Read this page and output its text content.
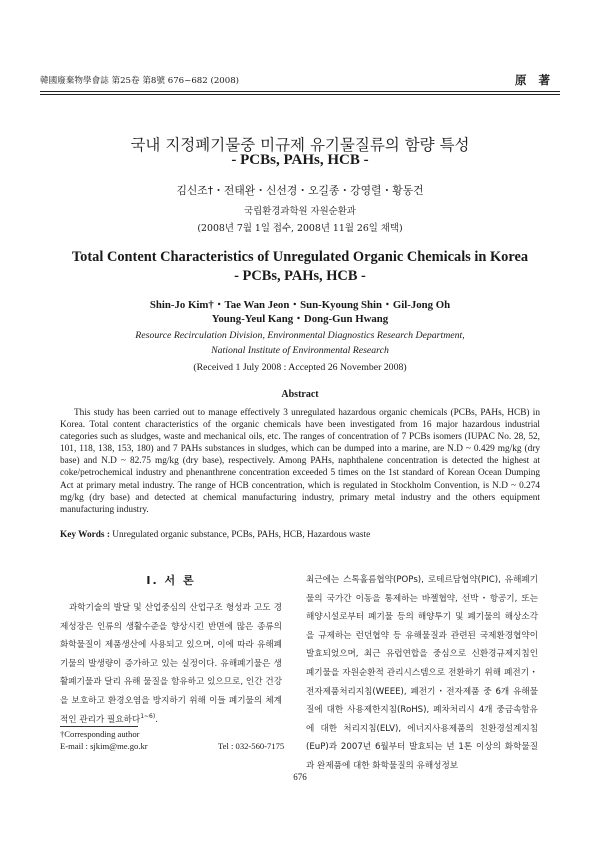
韓國廢棄物學會誌 第25卷 第8號 676~682 (2008)	原 著
국내 지정폐기물중 미규제 유기물질류의 함량 특성
- PCBs, PAHs, HCB -
김신조†・전태완・신선경・오길종・강영렬・황동건
국립환경과학원 자원순환과
(2008년 7월 1일 접수, 2008년 11월 26일 채택)
Total Content Characteristics of Unregulated Organic Chemicals in Korea
- PCBs, PAHs, HCB -
Shin-Jo Kim†・Tae Wan Jeon・Sun-Kyoung Shin・Gil-Jong Oh
Young-Yeul Kang・Dong-Gun Hwang
Resource Recirculation Division, Environmental Diagnostics Research Department,
National Institute of Environmental Research
(Received 1 July 2008 : Accepted 26 November 2008)
Abstract
This study has been carried out to manage effectively 3 unregulated hazardous organic chemicals (PCBs, PAHs, HCB) in Korea. Total content characteristics of the organic chemicals have been investigated from 16 major hazardous industrial categories such as sludges, waste and mechanical oils, etc. The ranges of concentration of 7 PCBs isomers (IUPAC No. 28, 52, 101, 118, 138, 153, 180) and 7 PAHs substances in sludges, which can be dumped into a marine, are N.D ~ 0.429 mg/kg (dry base) and N.D ~ 82.75 mg/kg (dry base), respectively. Among PAHs, naphthalene concentration is detected the highest at coke/petrochemical industry and phenanthrene concentration exceeded 5 times on the 1st standard of Korean Ocean Dumping Act at primary metal industry. The range of HCB concentration, which is regulated in Stockholm Convention, is N.D ~ 0.274 mg/kg (dry base) and detected at chemical manufacturing industry, primary metal industry and the others equipment manufacturing industry.
Key Words : Unregulated organic substance, PCBs, PAHs, HCB, Hazardous waste
I. 서 론
과학기술의 발달 및 산업중심의 산업구조 형성과 고도 경제성장은 인류의 생활수준을 향상시킨 반면에 많은 종류의 화학물질이 제품생산에 사용되고 있으며, 이에 따라 유해폐기물의 발생량이 증가하고 있는 실정이다. 유해폐기물은 생활폐기물과 달리 유해 물질을 함유하고 있으므로, 인간 건강을 보호하고 환경오염을 방지하기 위해 이들 폐기물의 체계적인 관리가 필요하다$^{1\sim 6)}$.
최근에는 스톡홀름협약(POPs), 로테르담협약(PIC), 유해폐기물의 국가간 이동을 통제하는 바젤협약, 선박・항공기, 또는 해양시설로부터 폐기물 등의 해양투기 및 폐기물의 해상소각을 규제하는 런던협약 등 유해물질과 관련된 국제환경협약이 발효되었으며, 최근 유럽연합을 중심으로 신환경규제지침인 폐기물을 자원순환적 관리시스템으로 전환하기 위해 폐전기・전자제품처리지침(WEEE), 폐전기・전자제품 중 6개 유해물질에 대한 사용제한지침(RoHS), 폐차처리시 4개 중금속함유에 대한 처리지침(ELV), 에너지사용제품의 친환경설계지침(EuP)과 2007년 6월부터 발효되는 년 1톤 이상의 화학물질과 완제품에 대한 화학물질의 유해성정보
†Corresponding author
E-mail : sjkim@me.go.kr	Tel : 032-560-7175
676
